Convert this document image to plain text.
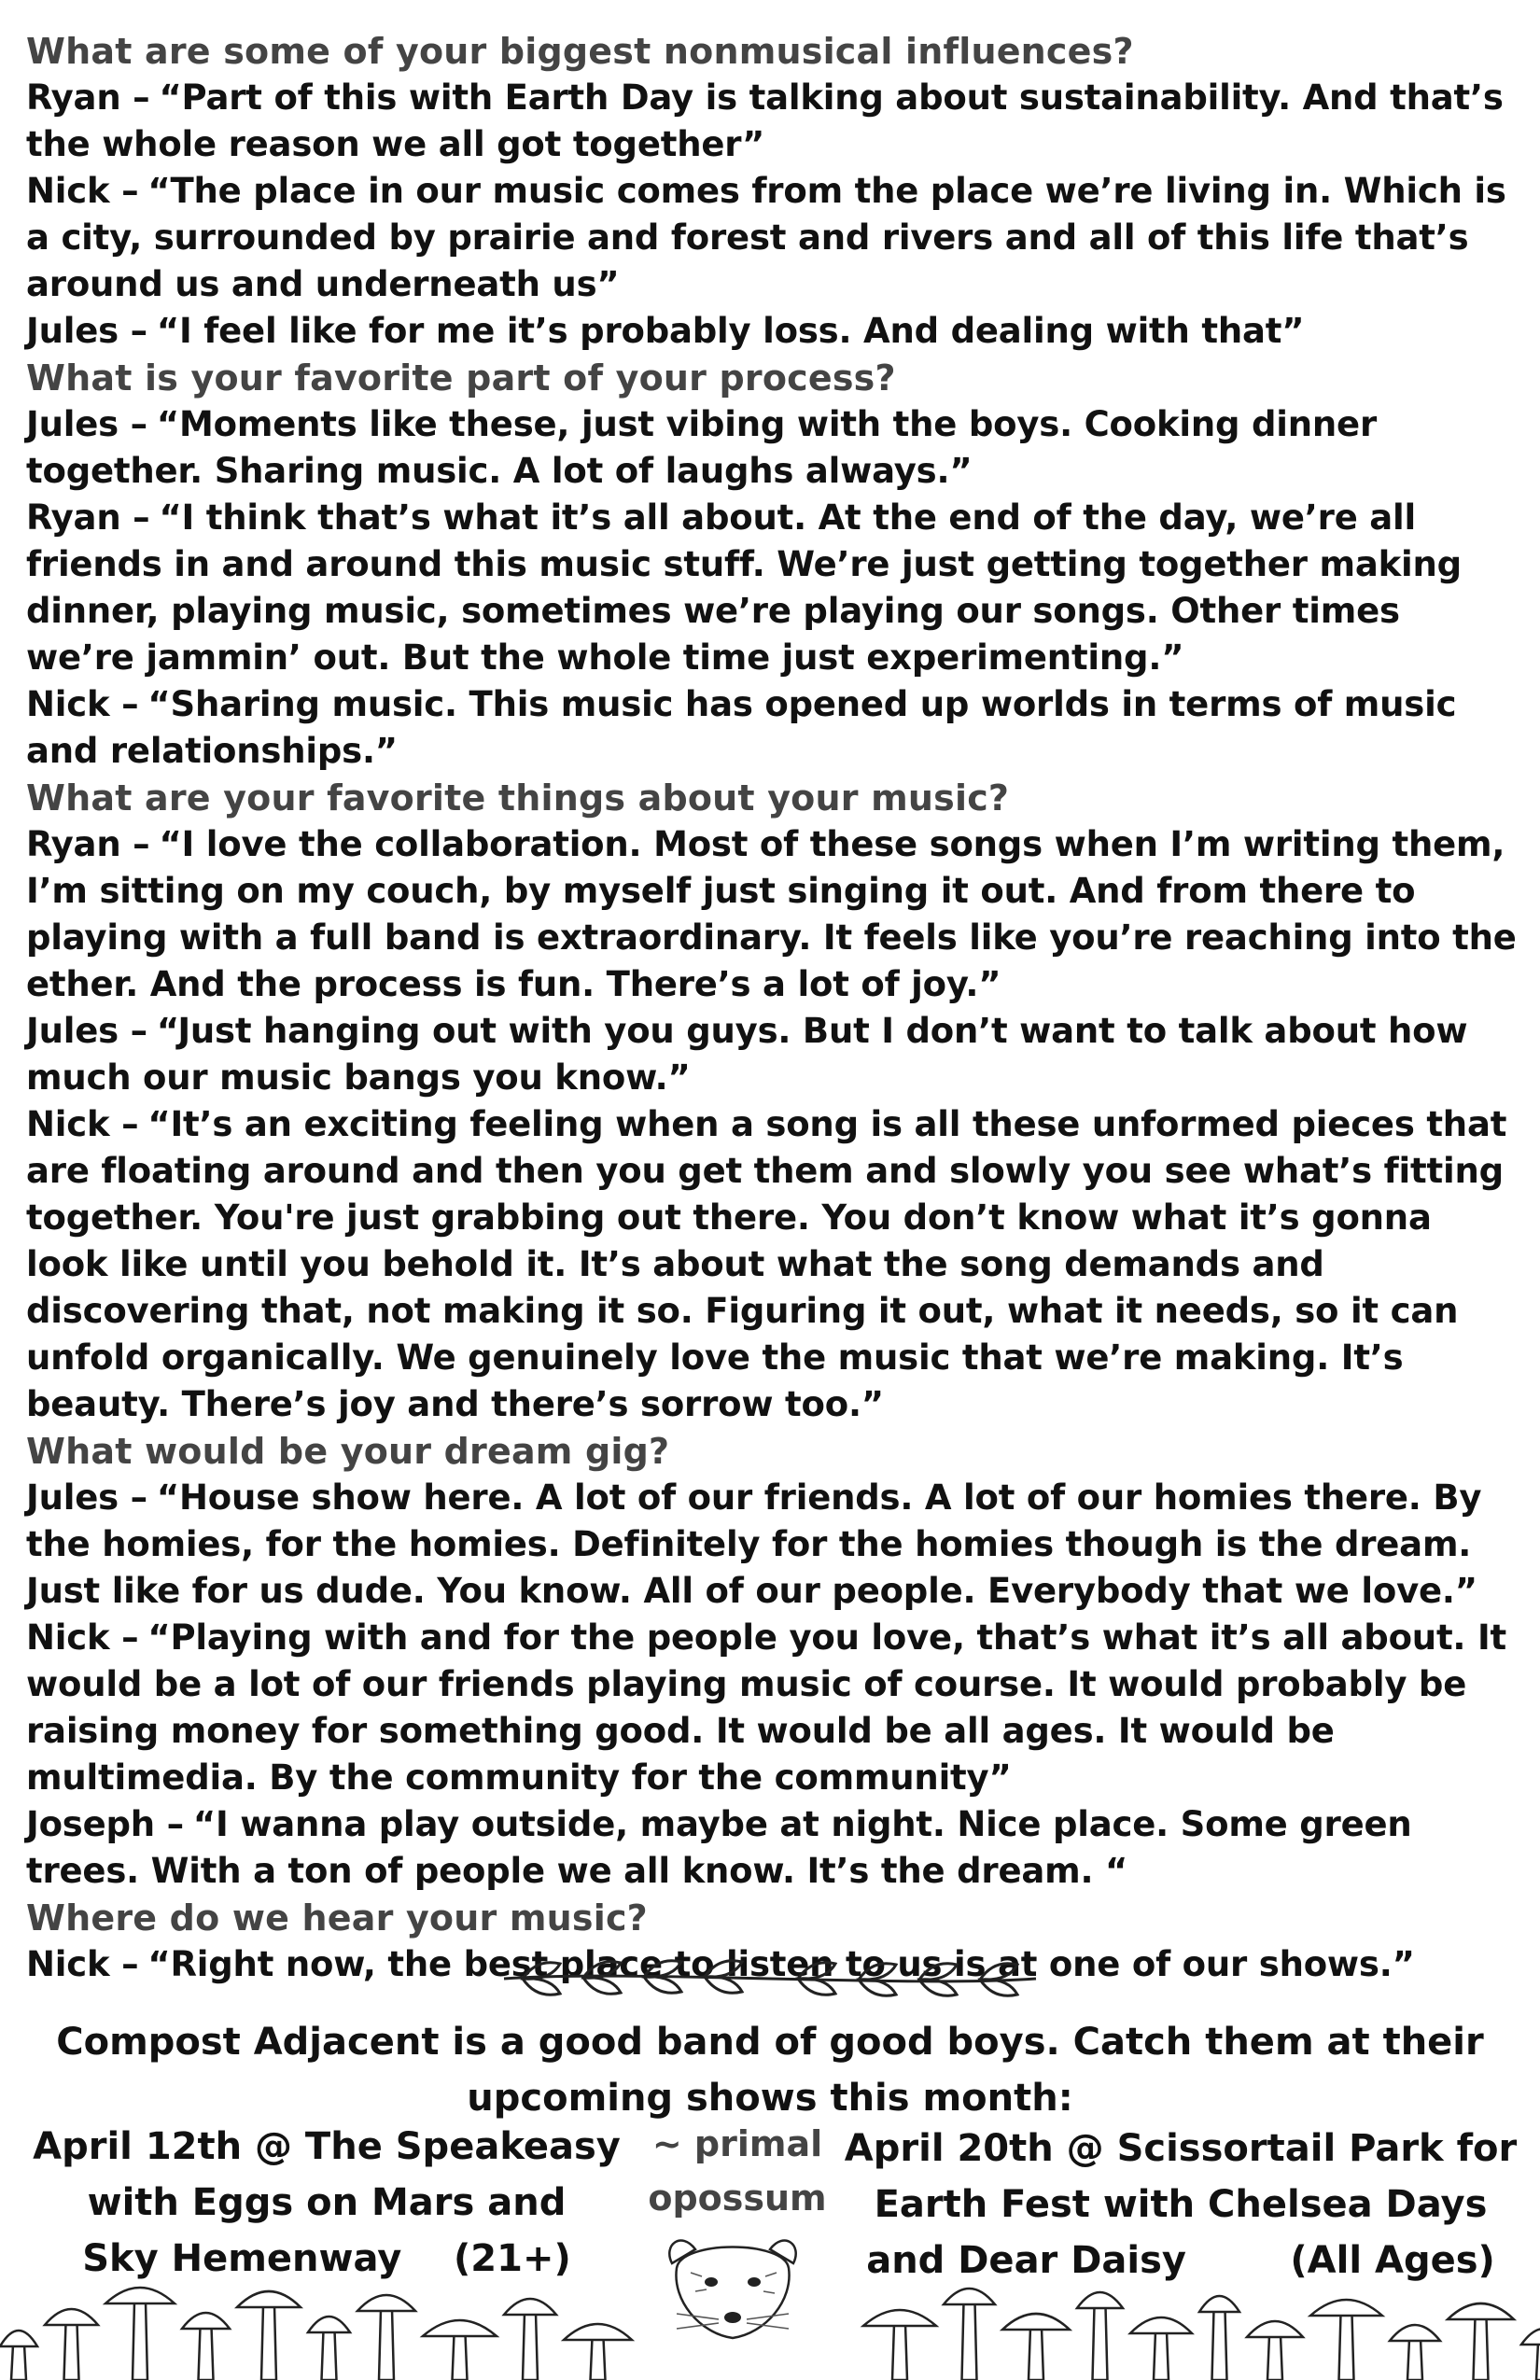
What are some of your biggest nonmusical influences?
Ryan – “Part of this with Earth Day is talking about sustainability. And that’s the whole reason we all got together”
Nick – “The place in our music comes from the place we’re living in. Which is a city, surrounded by prairie and forest and rivers and all of this life that’s around us and underneath us”
Jules – “I feel like for me it’s probably loss. And dealing with that”
What is your favorite part of your process?
Jules – “Moments like these, just vibing with the boys. Cooking dinner together. Sharing music. A lot of laughs always.”
Ryan – “I think that’s what it’s all about. At the end of the day, we’re all friends in and around this music stuff. We’re just getting together making dinner, playing music, sometimes we’re playing our songs. Other times we’re jammin’ out. But the whole time just experimenting.”
Nick – “Sharing music. This music has opened up worlds in terms of music and relationships.”
What are your favorite things about your music?
Ryan – “I love the collaboration. Most of these songs when I’m writing them, I’m sitting on my couch, by myself just singing it out. And from there to playing with a full band is extraordinary. It feels like you’re reaching into the ether. And the process is fun. There’s a lot of joy.”
Jules – “Just hanging out with you guys. But I don’t want to talk about how much our music bangs you know.”
Nick – “It’s an exciting feeling when a song is all these unformed pieces that are floating around and then you get them and slowly you see what’s fitting together. You're just grabbing out there. You don’t know what it’s gonna look like until you behold it. It’s about what the song demands and discovering that, not making it so. Figuring it out, what it needs, so it can unfold organically. We genuinely love the music that we’re making. It’s beauty. There’s joy and there’s sorrow too.”
What would be your dream gig?
Jules – “House show here. A lot of our friends. A lot of our homies there. By the homies, for the homies. Definitely for the homies though is the dream. Just like for us dude. You know. All of our people. Everybody that we love.”
Nick – “Playing with and for the people you love, that’s what it’s all about. It would be a lot of our friends playing music of course. It would probably be raising money for something good. It would be all ages. It would be multimedia. By the community for the community”
Joseph – “I wanna play outside, maybe at night. Nice place. Some green trees. With a ton of people we all know. It’s the dream. “
Where do we hear your music?
Nick – “Right now, the best place to listen to us is at one of our shows.”
Compost Adjacent is a good band of good boys. Catch them at their
upcoming shows this month:
April 12th @ The Speakeasy
with Eggs on Mars and
Sky Hemenway    (21+)
~ primal
opossum
April 20th @ Scissortail Park for
Earth Fest with Chelsea Days
and Dear Daisy        (All Ages)
